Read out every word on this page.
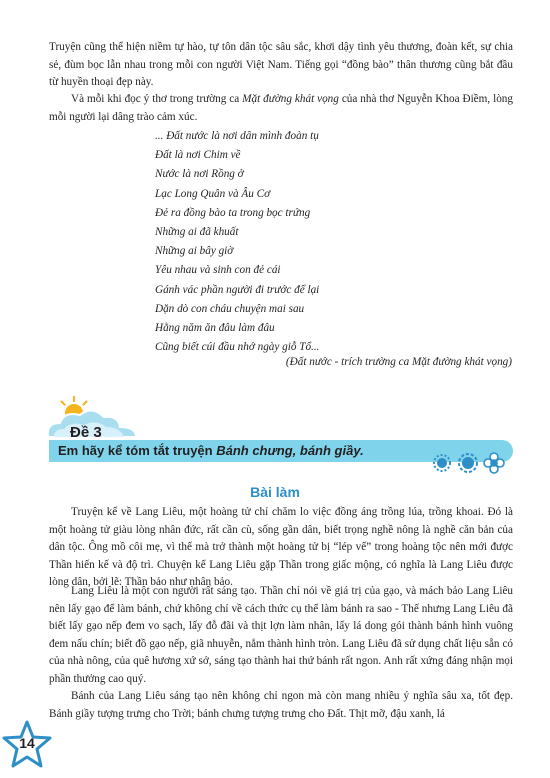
Truyện cũng thể hiện niềm tự hào, tự tôn dân tộc sâu sắc, khơi dậy tình yêu thương, đoàn kết, sự chia sẻ, đùm bọc lẫn nhau trong mỗi con người Việt Nam. Tiếng gọi “đồng bào” thân thương cũng bắt đầu từ huyền thoại đẹp này.

Và mỗi khi đọc ý thơ trong trường ca Mặt đường khát vọng của nhà thơ Nguyễn Khoa Điềm, lòng mỗi người lại dâng trào cảm xúc.

... Đất nước là nơi dân mình đoàn tụ
Đất là nơi Chim về
Nước là nơi Rồng ở
Lạc Long Quân và Âu Cơ
Đẻ ra đồng bào ta trong bọc trứng
Những ai đã khuất
Những ai bây giờ
Yêu nhau và sinh con đẻ cái
Gánh vác phần người đi trước để lại
Dặn dò con cháu chuyện mai sau
Hằng năm ăn đâu làm đâu
Cũng biết cúi đầu nhớ ngày giỗ Tổ...
(Đất nước - trích trường ca Mặt đường khát vọng)
Đề 3
Em hãy kể tóm tắt truyện Bánh chưng, bánh giầy.
Bài làm

Truyện kể về Lang Liêu, một hoàng tử chỉ chăm lo việc đồng áng trồng lúa, trồng khoai. Đó là một hoàng tử giàu lòng nhân đức, rất cần cù, sống gần dân, biết trọng nghề nông là nghề căn bản của dân tộc. Ông mồ côi mẹ, vì thế mà trở thành một hoàng tử bị “lép vế” trong hoàng tộc nên mới được Thần hiến kế và độ trì. Chuyện kể Lang Liêu gặp Thần trong giấc mộng, có nghĩa là Lang Liêu được lòng dân, bởi lẽ: Thần bảo như nhân bảo.

Lang Liêu là một con người rất sáng tạo. Thần chỉ nói về giá trị của gạo, và mách bảo Lang Liêu nên lấy gạo để làm bánh, chứ không chỉ về cách thức cụ thể làm bánh ra sao - Thế nhưng Lang Liêu đã biết lấy gạo nếp đem vo sạch, lấy đỗ đãi và thịt lợn làm nhân, lấy lá dong gói thành bánh hình vuông đem nấu chín; biết đồ gạo nếp, giã nhuyễn, nắm thành hình tròn. Lang Liêu đã sử dụng chất liệu sẵn có của nhà nông, của quê hương xứ sở, sáng tạo thành hai thứ bánh rất ngon. Anh rất xứng đáng nhận mọi phần thưởng cao quý.

Bánh của Lang Liêu sáng tạo nên không chỉ ngon mà còn mang nhiều ý nghĩa sâu xa, tốt đẹp. Bánh giầy tượng trưng cho Trời; bánh chưng tượng trưng cho Đất. Thịt mỡ, đậu xanh, lá

14
